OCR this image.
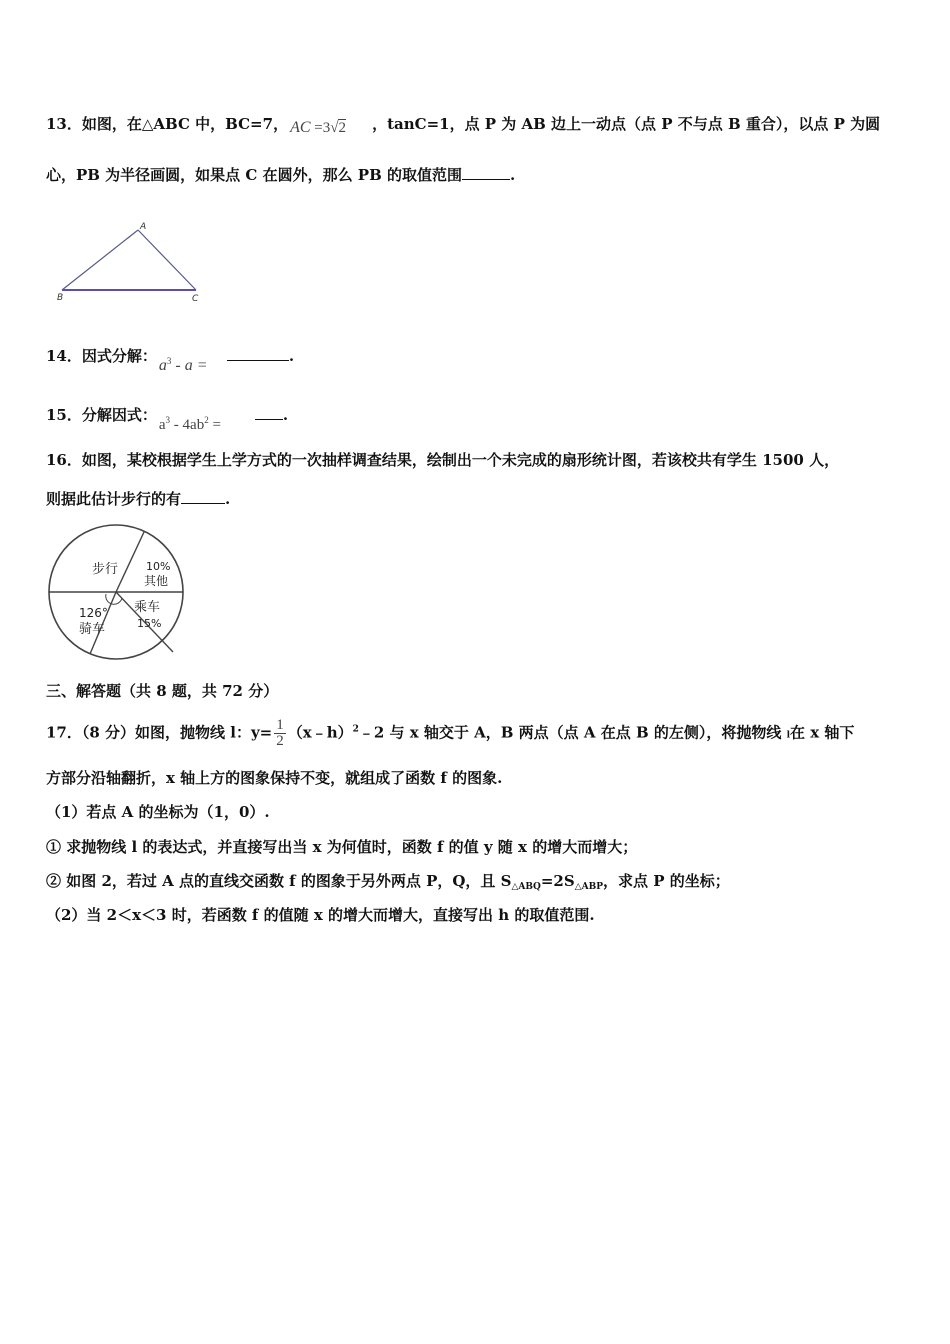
13．如图，在△ABC 中，BC=7， AC =3√2 ，tanC=1，点 P 为 AB 边上一动点（点 P 不与点 B 重合），以点 P 为圆
心，PB 为半径画圆，如果点 C 在圆外，那么 PB 的取值范围	.
A
B	C
14．因式分解：
$a^3$ - a =
.
15．分解因式：
$a^3 - 4ab^2$ =
.
16．如图，某校根据学生上学方式的一次抽样调查结果，绘制出一个未完成的扇形统计图，若该校共有学生 1500 人，
则据此估计步行的有	.
步行	10%
其他
126°
骑车
乘车
15%
三、解答题（共 8 题，共 72 分）
17．（8 分）如图，抛物线 l：$y= \frac{1}{2}$ （x﹣h）$^2$﹣2 与 x 轴交于 A，B 两点（点 A 在点 B 的左侧），将抛物线 l在 x 轴下
方部分沿轴翻折，x 轴上方的图象保持不变，就组成了函数 f 的图象.
（1）若点 A 的坐标为（1，0）.
① 求抛物线 l 的表达式，并直接写出当 x 为何值时，函数 f 的值 y 随 x 的增大而增大；
② 如图 2，若过 A 点的直线交函数 f 的图象于另外两点 P，Q，且 $S_{\triangle ABQ}=2S_{\triangle ABP}$，求点 P 的坐标；
（2）当 2＜x＜3 时，若函数 f 的值随 x 的增大而增大，直接写出 h 的取值范围.
